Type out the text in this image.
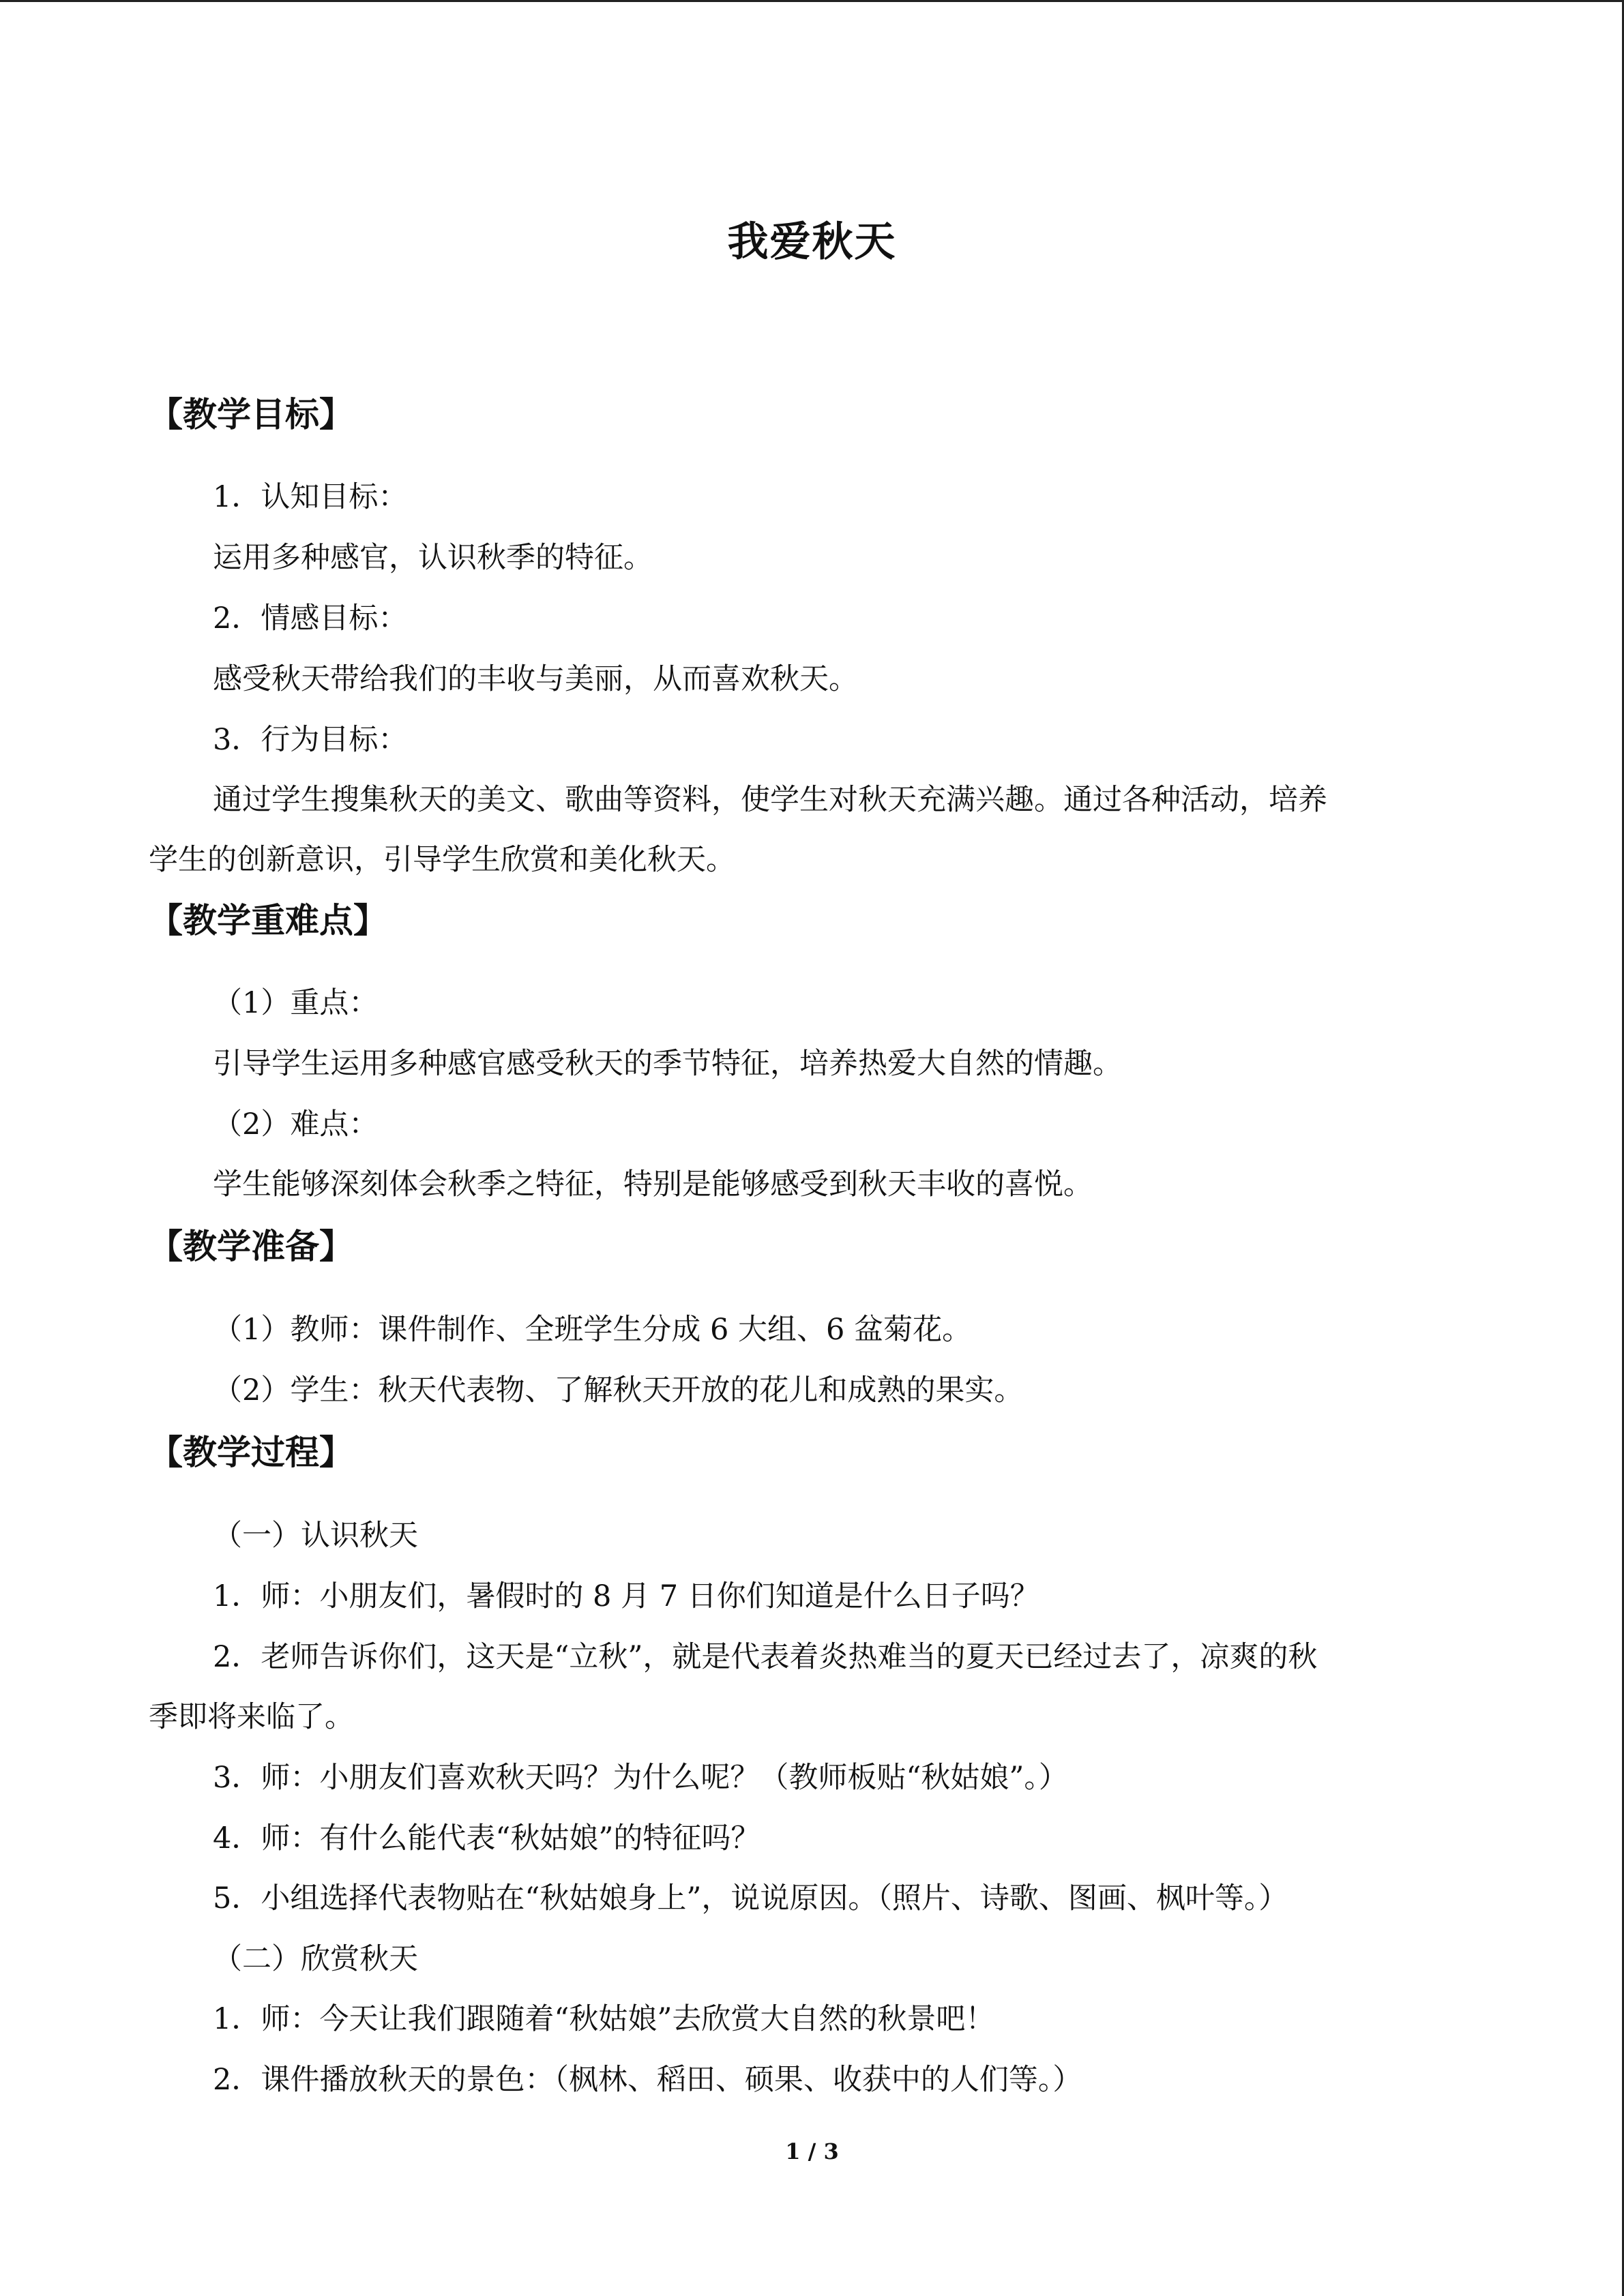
我爱秋天
【教学目标】
1．认知目标：
运用多种感官，认识秋季的特征。
2．情感目标：
感受秋天带给我们的丰收与美丽，从而喜欢秋天。
3．行为目标：
通过学生搜集秋天的美文、歌曲等资料，使学生对秋天充满兴趣。通过各种活动，培养
学生的创新意识，引导学生欣赏和美化秋天。
【教学重难点】
（1）重点：
引导学生运用多种感官感受秋天的季节特征，培养热爱大自然的情趣。
（2）难点：
学生能够深刻体会秋季之特征，特别是能够感受到秋天丰收的喜悦。
【教学准备】
（1）教师：课件制作、全班学生分成 6 大组、6 盆菊花。
（2）学生：秋天代表物、了解秋天开放的花儿和成熟的果实。
【教学过程】
（一）认识秋天
1．师：小朋友们，暑假时的 8 月 7 日你们知道是什么日子吗？
2．老师告诉你们，这天是“立秋”，就是代表着炎热难当的夏天已经过去了，凉爽的秋
季即将来临了。
3．师：小朋友们喜欢秋天吗？为什么呢？（教师板贴“秋姑娘”。）
4．师：有什么能代表“秋姑娘”的特征吗？
5．小组选择代表物贴在“秋姑娘身上”，说说原因。（照片、诗歌、图画、枫叶等。）
（二）欣赏秋天
1．师：今天让我们跟随着“秋姑娘”去欣赏大自然的秋景吧！
2．课件播放秋天的景色：（枫林、稻田、硕果、收获中的人们等。）
1 / 3
